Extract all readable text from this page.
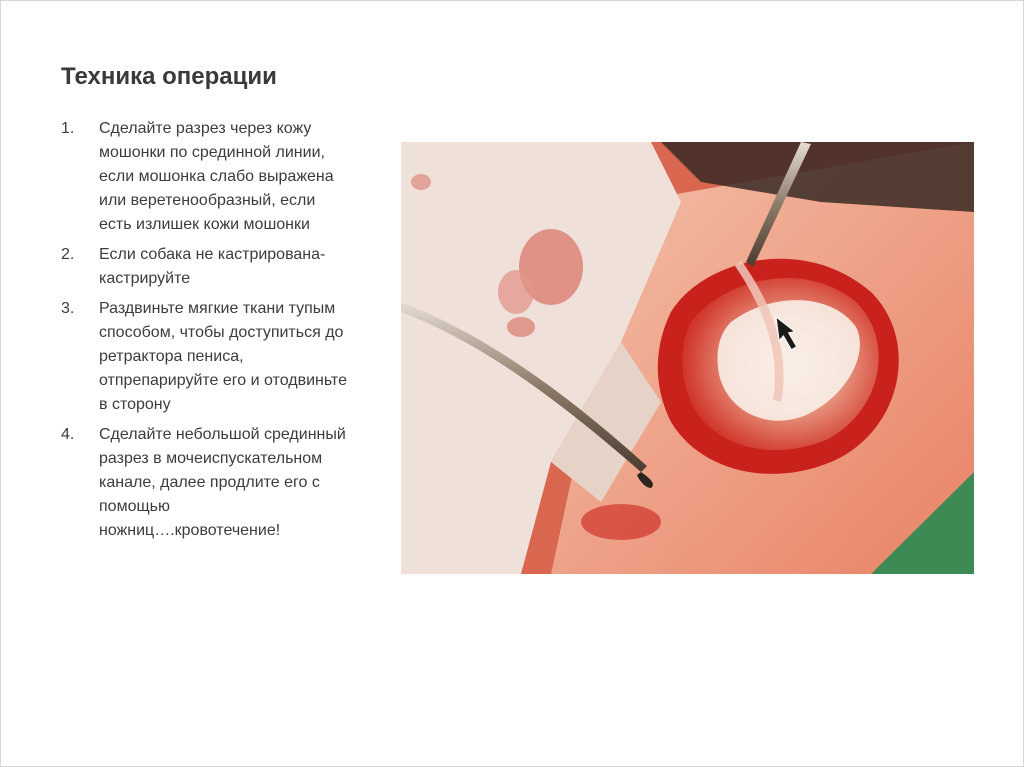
Техника операции
1.	Сделайте разрез через кожу мошонки по срединной линии, если мошонка слабо выражена или веретенообразный, если есть излишек кожи мошонки
2.	Если собака не кастрирована- кастрируйте
3.	Раздвиньте мягкие ткани тупым способом, чтобы доступиться до ретрактора пениса, отпрепарируйте его и отодвиньте в сторону
4.	Сделайте небольшой срединный разрез в мочеиспускательном канале, далее продлите его с помощью ножниц….кровотечение!
